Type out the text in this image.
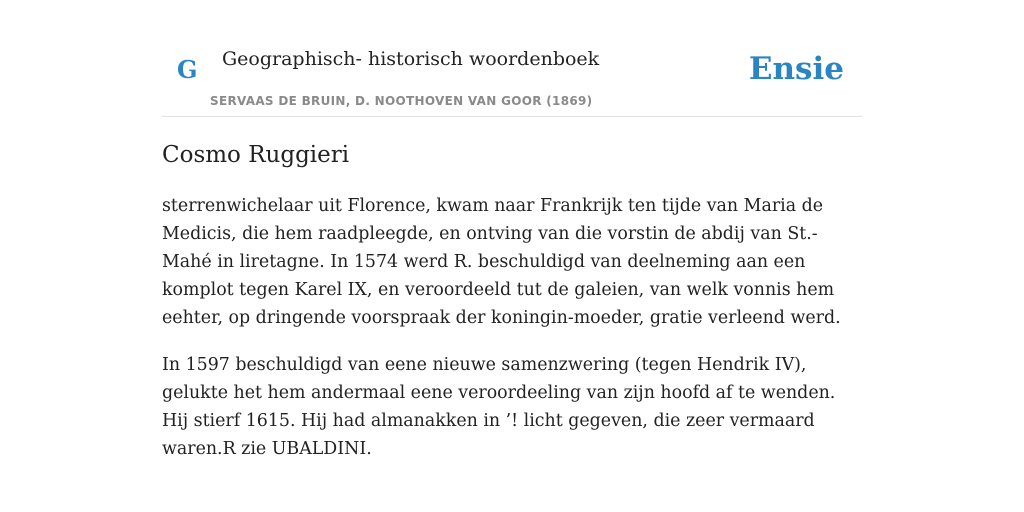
G Geographisch- historisch woordenboek
SERVAAS DE BRUIN, D. NOOTHOVEN VAN GOOR (1869)
Ensie
Cosmo Ruggieri

sterrenwichelaar uit Florence, kwam naar Frankrijk ten tijde van Maria de Medicis, die hem raadpleegde, en ontving van die vorstin de abdij van St.-Mahé in liretagne. In 1574 werd R. beschuldigd van deelneming aan een komplot tegen Karel IX, en veroordeeld tut de galeien, van welk vonnis hem eehter, op dringende voorspraak der koningin-moeder, gratie verleend werd.

In 1597 beschuldigd van eene nieuwe samenzwering (tegen Hendrik IV), gelukte het hem andermaal eene veroordeeling van zijn hoofd af te wenden. Hij stierf 1615. Hij had almanakken in ’! licht gegeven, die zeer vermaard waren.R zie UBALDINI.
